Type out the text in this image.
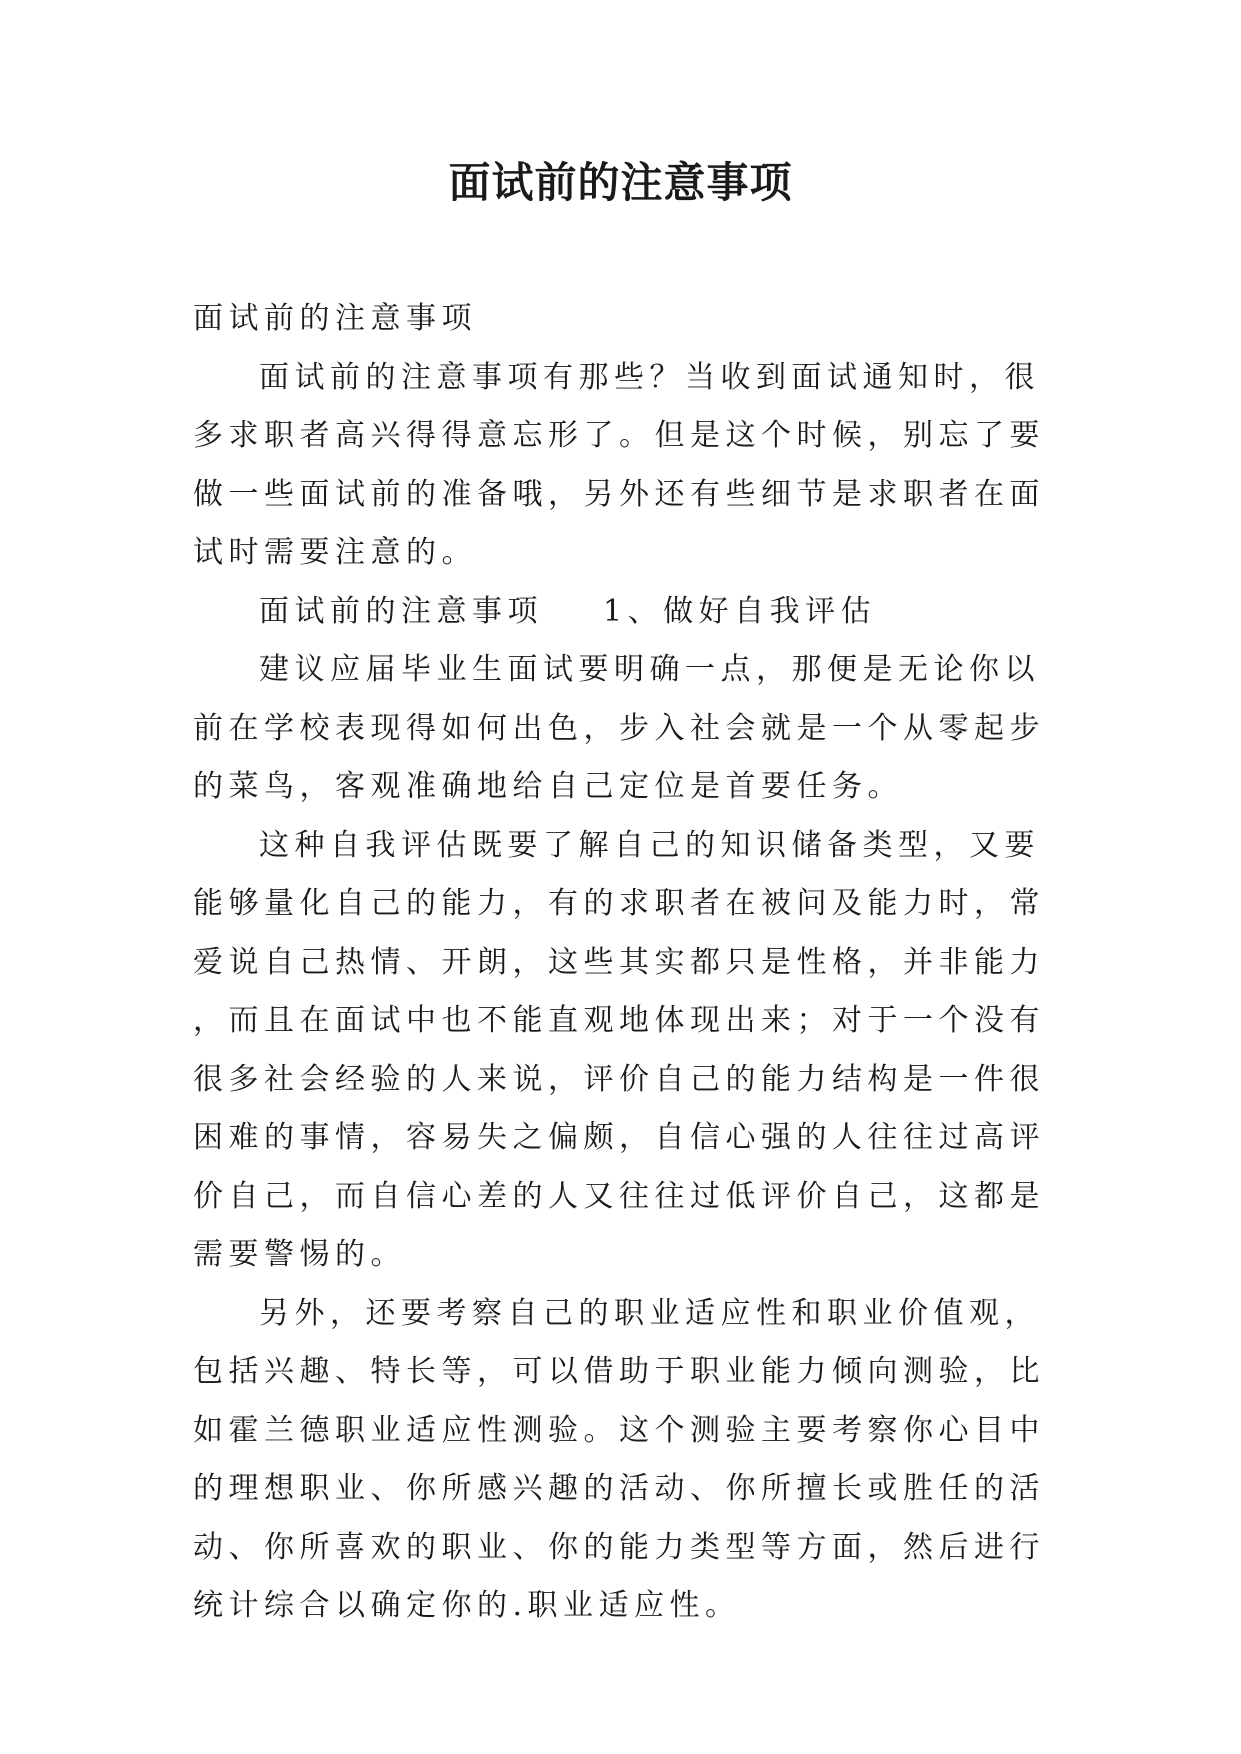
面试前的注意事项

面试前的注意事项

面试前的注意事项有那些？当收到面试通知时，很多求职者高兴得得意忘形了。但是这个时候，别忘了要做一些面试前的准备哦，另外还有些细节是求职者在面试时需要注意的。

面试前的注意事项 1、做好自我评估

建议应届毕业生面试要明确一点，那便是无论你以前在学校表现得如何出色，步入社会就是一个从零起步的菜鸟，客观准确地给自己定位是首要任务。

这种自我评估既要了解自己的知识储备类型，又要能够量化自己的能力，有的求职者在被问及能力时，常爱说自己热情、开朗，这些其实都只是性格，并非能力，而且在面试中也不能直观地体现出来；对于一个没有很多社会经验的人来说，评价自己的能力结构是一件很困难的事情，容易失之偏颇，自信心强的人往往过高评价自己，而自信心差的人又往往过低评价自己，这都是需要警惕的。

另外，还要考察自己的职业适应性和职业价值观，包括兴趣、特长等，可以借助于职业能力倾向测验，比如霍兰德职业适应性测验。这个测验主要考察你心目中的理想职业、你所感兴趣的活动、你所擅长或胜任的活动、你所喜欢的职业、你的能力类型等方面，然后进行统计综合以确定你的.职业适应性。
